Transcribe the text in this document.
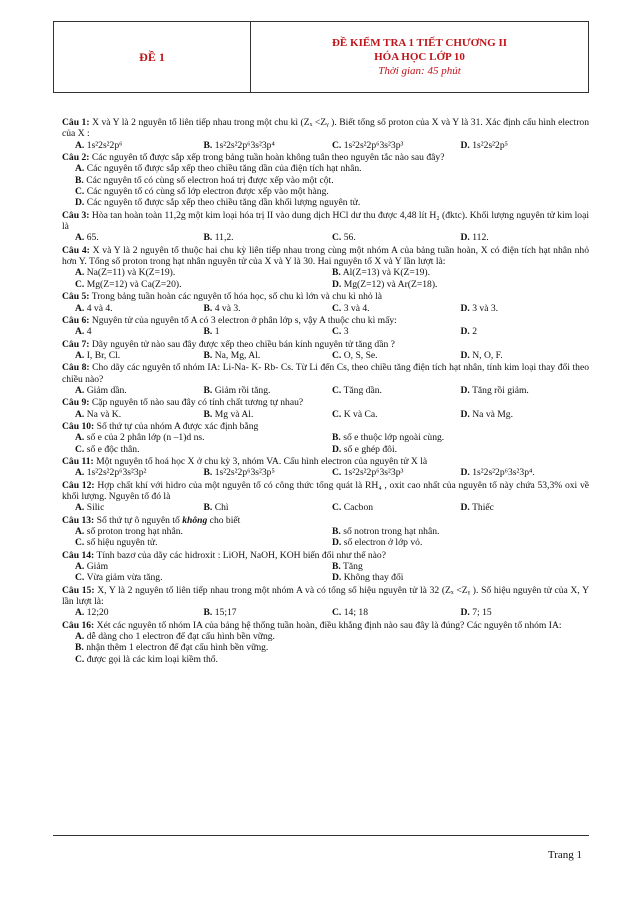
ĐỀ 1	
ĐỀ KIỂM TRA 1 TIẾT CHƯƠNG II
HÓA HỌC LỚP 10
Thời gian: 45 phút
Câu 1: X và Y là 2 nguyên tố liên tiếp nhau trong một chu kì (Zₓ <Zᵧ ). Biết tổng số proton của X và Y là 31. Xác định cấu hình electron của X :
A. 1s²2s²2p⁶	B. 1s²2s²2p⁶3s²3p⁴	C. 1s²2s²2p⁶3s²3p³	D. 1s²2s²2p⁵
Câu 2: Các nguyên tố được sắp xếp trong bảng tuần hoàn không tuân theo nguyên tắc nào sau đây?
A. Các nguyên tố được sắp xếp theo chiều tăng dần của điện tích hạt nhân.
B. Các nguyên tố có cùng số electron hoá trị được xếp vào một cột.
C. Các nguyên tố có cùng số lớp electron được xếp vào một hàng.
D. Các nguyên tố được sắp xếp theo chiều tăng dần khối lượng nguyên tử.
Câu 3: Hòa tan hoàn toàn 11,2g một kim loại hóa trị II vào dung dịch HCl dư thu được 4,48 lít H₂ (đktc). Khối lượng nguyên tử kim loại là
A. 65.	B. 11,2.	C. 56.	D. 112.
Câu 4: X và Y là 2 nguyên tố thuộc hai chu kỳ liên tiếp nhau trong cùng một nhóm A của bảng tuần hoàn, X có điện tích hạt nhân nhỏ hơn Y. Tổng số proton trong hạt nhân nguyên tử của X và Y là 30. Hai nguyên tố X và Y lần lượt là:
A. Na(Z=11) và K(Z=19).	B. Al(Z=13) và K(Z=19).
C. Mg(Z=12) và Ca(Z=20).	D. Mg(Z=12) và Ar(Z=18).
Câu 5: Trong bảng tuần hoàn các nguyên tố hóa học, số chu kì lớn và chu kì nhỏ là
A. 4 và 4.	B. 4 và 3.	C. 3 và 4.	D. 3 và 3.
Câu 6: Nguyên tử của nguyên tố A có 3 electron ở phân lớp s, vậy A thuộc chu kì mấy:
A. 4	B. 1	C. 3	D. 2
Câu 7: Dãy nguyên tử nào sau đây được xếp theo chiều bán kính nguyên tử tăng dần ?
A. I, Br, Cl.	B. Na, Mg, Al.	C. O, S, Se.	D. N, O, F.
Câu 8: Cho dãy các nguyên tố nhóm IA: Li-Na- K- Rb- Cs. Từ Li đến Cs, theo chiều tăng điện tích hạt nhân, tính kim loại thay đổi theo chiều nào?
A. Giảm dần.	B. Giảm rồi tăng.	C. Tăng dần.	D. Tăng rồi giảm.
Câu 9: Cặp nguyên tố nào sau đây có tính chất tương tự nhau?
A. Na và K.	B. Mg và Al.	C. K và Ca.	D. Na và Mg.
Câu 10: Số thứ tự của nhóm A được xác định bằng
A. số e của 2 phân lớp (n –1)d ns.	B. số e thuộc lớp ngoài cùng.
C. số e độc thân.	D. số e ghép đôi.
Câu 11: Một nguyên tố hoá học X ở chu kỳ 3, nhóm VA. Cấu hình electron của nguyên tử X là
A. 1s²2s²2p⁶3s²3p²	B. 1s²2s²2p⁶3s²3p⁵	C. 1s²2s²2p⁶3s²3p³	D. 1s²2s²2p⁶3s²3p⁴.
Câu 12: Hợp chất khí với hidro của một nguyên tố có công thức tổng quát là RH₄ , oxit cao nhất của nguyên tố này chứa 53,3% oxi về khối lượng. Nguyên tố đó là
A. Silic	B. Chì	C. Cacbon	D. Thiếc
Câu 13: Số thứ tự ô nguyên tố không cho biết
A. số proton trong hạt nhân.	B. số notron trong hạt nhân.
C. số hiệu nguyên tử.	D. số electron ở lớp vỏ.
Câu 14: Tính bazơ của dãy các hidroxit : LiOH, NaOH, KOH biến đổi như thế nào?
A. Giảm	B. Tăng
C. Vừa giảm vừa tăng.	D. Không thay đổi
Câu 15: X, Y là 2 nguyên tố liên tiếp nhau trong một nhóm A và có tổng số hiệu nguyên tử là 32 (Zₓ <Zᵧ ). Số hiệu nguyên tử của X, Y lần lượt là:
A. 12;20	B. 15;17	C. 14; 18	D. 7; 15
Câu 16: Xét các nguyên tố nhóm IA của bảng hệ thống tuần hoàn, điều khẳng định nào sau đây là đúng? Các nguyên tố nhóm IA:
A. dễ dàng cho 1 electron để đạt cấu hình bền vững.
B. nhận thêm 1 electron để đạt cấu hình bền vững.
C. được gọi là các kim loại kiềm thổ.
Trang 1
